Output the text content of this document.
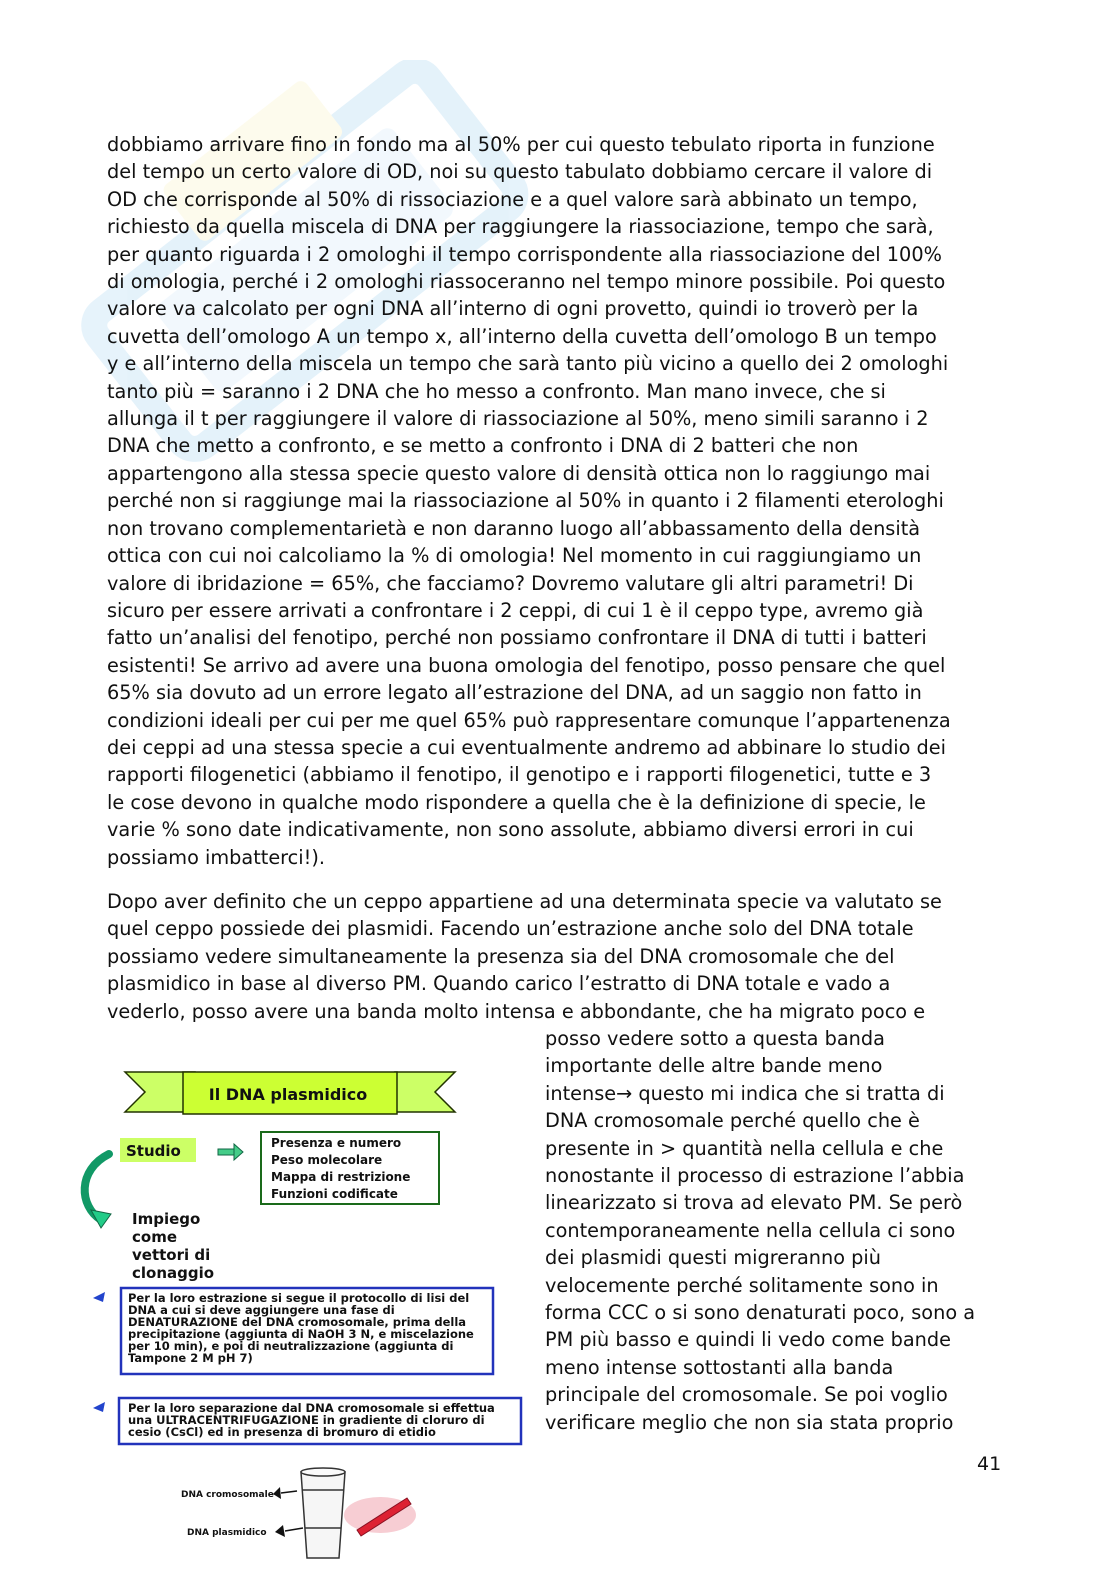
dobbiamo arrivare fino in fondo ma al 50% per cui questo tebulato riporta in funzione
del tempo un certo valore di OD, noi su questo tabulato dobbiamo cercare il valore di
OD che corrisponde al 50% di rissociazione e a quel valore sarà abbinato un tempo,
richiesto da quella miscela di DNA per raggiungere la riassociazione, tempo che sarà,
per quanto riguarda i 2 omologhi il tempo corrispondente alla riassociazione del 100%
di omologia, perché i 2 omologhi riassoceranno nel tempo minore possibile. Poi questo
valore va calcolato per ogni DNA all’interno di ogni provetto, quindi io troverò per la
cuvetta dell’omologo A un tempo x, all’interno della cuvetta dell’omologo B un tempo
y e all’interno della miscela un tempo che sarà tanto più vicino a quello dei 2 omologhi
tanto più = saranno i 2 DNA che ho messo a confronto. Man mano invece, che si
allunga il t per raggiungere il valore di riassociazione al 50%, meno simili saranno i 2
DNA che metto a confronto, e se metto a confronto i DNA di 2 batteri che non
appartengono alla stessa specie questo valore di densità ottica non lo raggiungo mai
perché non si raggiunge mai la riassociazione al 50% in quanto i 2 filamenti eterologhi
non trovano complementarietà e non daranno luogo all’abbassamento della densità
ottica con cui noi calcoliamo la % di omologia! Nel momento in cui raggiungiamo un
valore di ibridazione = 65%, che facciamo? Dovremo valutare gli altri parametri! Di
sicuro per essere arrivati a confrontare i 2 ceppi, di cui 1 è il ceppo type, avremo già
fatto un’analisi del fenotipo, perché non possiamo confrontare il DNA di tutti i batteri
esistenti! Se arrivo ad avere una buona omologia del fenotipo, posso pensare che quel
65% sia dovuto ad un errore legato all’estrazione del DNA, ad un saggio non fatto in
condizioni ideali per cui per me quel 65% può rappresentare comunque l’appartenenza
dei ceppi ad una stessa specie a cui eventualmente andremo ad abbinare lo studio dei
rapporti filogenetici (abbiamo il fenotipo, il genotipo e i rapporti filogenetici, tutte e 3
le cose devono in qualche modo rispondere a quella che è la definizione di specie, le
varie % sono date indicativamente, non sono assolute, abbiamo diversi errori in cui
possiamo imbatterci!).

Dopo aver definito che un ceppo appartiene ad una determinata specie va valutato se
quel ceppo possiede dei plasmidi. Facendo un’estrazione anche solo del DNA totale
possiamo vedere simultaneamente la presenza sia del DNA cromosomale che del
plasmidico in base al diverso PM. Quando carico l’estratto di DNA totale e vado a
vederlo, posso avere una banda molto intensa e abbondante, che ha migrato poco e

posso vedere sotto a questa banda
importante delle altre bande meno
intense→ questo mi indica che si tratta di
DNA cromosomale perché quello che è
presente in > quantità nella cellula e che
nonostante il processo di estrazione l’abbia
linearizzato si trova ad elevato PM. Se però
contemporaneamente nella cellula ci sono
dei plasmidi questi migreranno più
velocemente perché solitamente sono in
forma CCC o si sono denaturati poco, sono a
PM più basso e quindi li vedo come bande
meno intense sottostanti alla banda
principale del cromosomale. Se poi voglio
verificare meglio che non sia stata proprio

41
Il DNA plasmidico
Studio	Presenza e numero
Peso molecolare
Mappa di restrizione
Funzioni codificate
Impiego
come
vettori di
clonaggio
Per la loro estrazione si segue il protocollo di lisi del
DNA a cui si deve aggiungere una fase di
DENATURAZIONE del DNA cromosomale, prima della
precipitazione (aggiunta di NaOH 3 N, e miscelazione
per 10 min), e poi di neutralizzazione (aggiunta di
Tampone 2 M pH 7)
Per la loro separazione dal DNA cromosomale si effettua
una ULTRACENTRIFUGAZIONE in gradiente di cloruro di
cesio (CsCl) ed in presenza di bromuro di etidio
DNA cromosomale
DNA plasmidico
